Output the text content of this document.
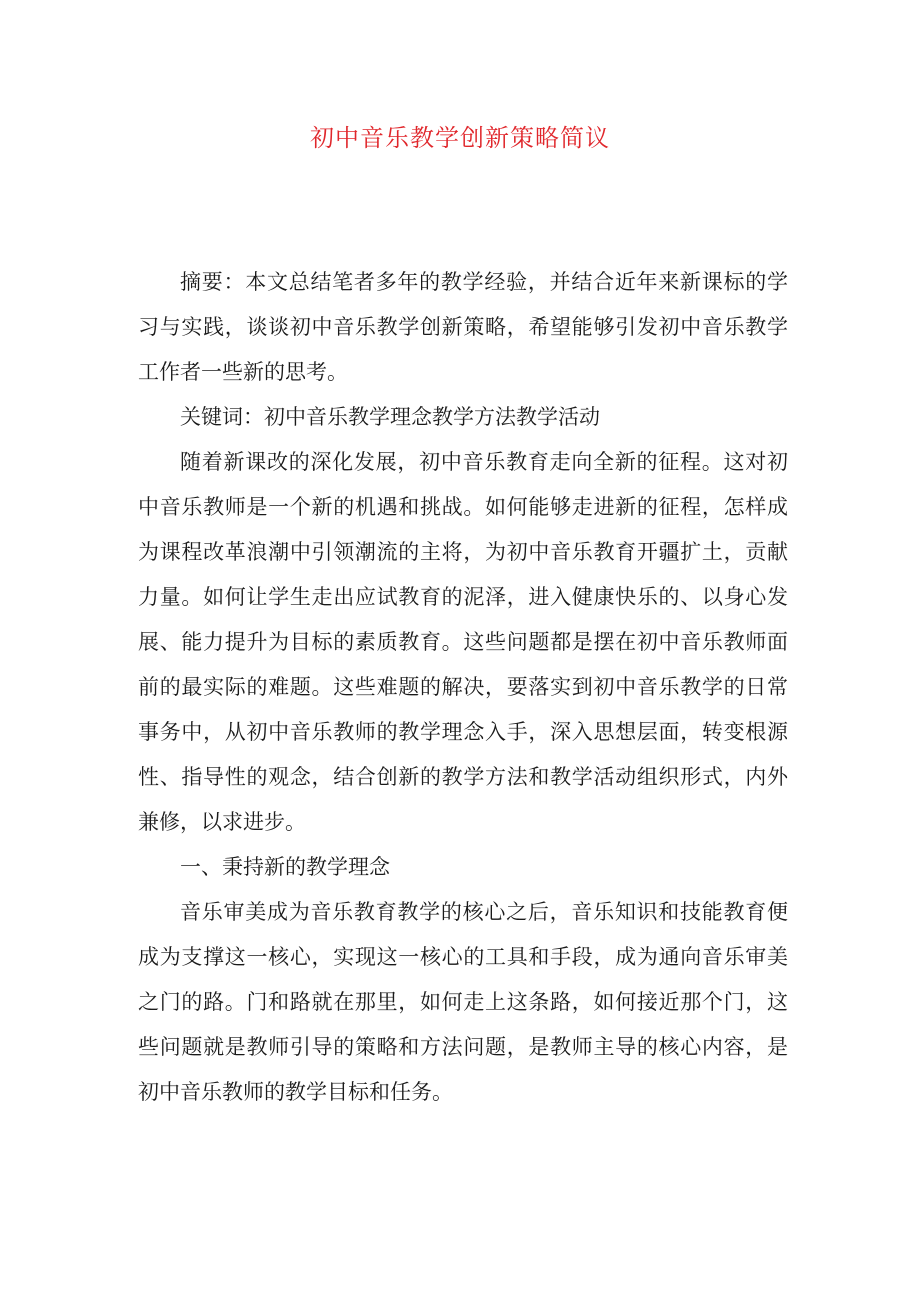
初中音乐教学创新策略简议

摘要：本文总结笔者多年的教学经验，并结合近年来新课标的学习与实践，谈谈初中音乐教学创新策略，希望能够引发初中音乐教学工作者一些新的思考。

关键词：初中音乐教学理念教学方法教学活动

随着新课改的深化发展，初中音乐教育走向全新的征程。这对初中音乐教师是一个新的机遇和挑战。如何能够走进新的征程，怎样成为课程改革浪潮中引领潮流的主将，为初中音乐教育开疆扩土，贡献力量。如何让学生走出应试教育的泥泽，进入健康快乐的、以身心发展、能力提升为目标的素质教育。这些问题都是摆在初中音乐教师面前的最实际的难题。这些难题的解决，要落实到初中音乐教学的日常事务中，从初中音乐教师的教学理念入手，深入思想层面，转变根源性、指导性的观念，结合创新的教学方法和教学活动组织形式，内外兼修，以求进步。

一、秉持新的教学理念

音乐审美成为音乐教育教学的核心之后，音乐知识和技能教育便成为支撑这一核心，实现这一核心的工具和手段，成为通向音乐审美之门的路。门和路就在那里，如何走上这条路，如何接近那个门，这些问题就是教师引导的策略和方法问题，是教师主导的核心内容，是初中音乐教师的教学目标和任务。
